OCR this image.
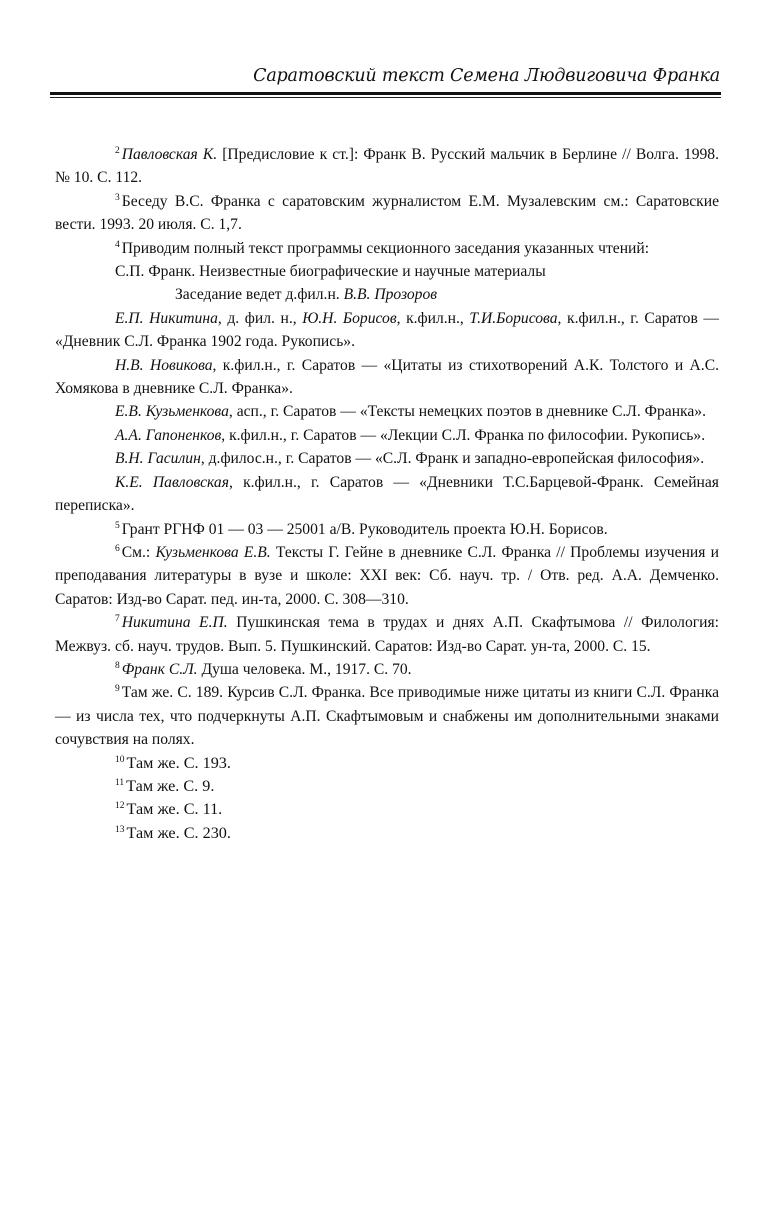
Саратовский текст Семена Людвиговича Франка

$^2$ Павловская К. [Предисловие к ст.]: Франк В. Русский мальчик в Берлине // Волга. 1998. № 10. С. 112.

$^3$ Беседу В.С. Франка с саратовским журналистом Е.М. Музалевским см.: Саратовские вести. 1993. 20 июля. С. 1,7.

$^4$ Приводим полный текст программы секционного заседания указанных чтений:

С.П. Франк. Неизвестные биографические и научные материалы

Заседание ведет д.фил.н. В.В. Прозоров

Е.П. Никитина, д. фил. н., Ю.Н. Борисов, к.фил.н., Т.И.Борисова, к.фил.н., г. Саратов — «Дневник С.Л. Франка 1902 года. Рукопись».

Н.В. Новикова, к.фил.н., г. Саратов — «Цитаты из стихотворений А.К. Толстого и А.С. Хомякова в дневнике С.Л. Франка».

Е.В. Кузьменкова, асп., г. Саратов — «Тексты немецких поэтов в дневнике С.Л. Франка».

А.А. Гапоненков, к.фил.н., г. Саратов — «Лекции С.Л. Франка по философии. Рукопись».

В.Н. Гасилин, д.филос.н., г. Саратов — «С.Л. Франк и западно-европейская философия».

К.Е. Павловская, к.фил.н., г. Саратов — «Дневники Т.С.Барцевой-Франк. Семейная переписка».

$^5$ Грант РГНФ 01 — 03 — 25001 а/В. Руководитель проекта Ю.Н. Борисов.

$^6$ См.: Кузьменкова Е.В. Тексты Г. Гейне в дневнике С.Л. Франка // Проблемы изучения и преподавания литературы в вузе и школе: XXI век: Сб. науч. тр. / Отв. ред. А.А. Демченко. Саратов: Изд-во Сарат. пед. ин-та, 2000. С. 308—310.

$^7$ Никитина Е.П. Пушкинская тема в трудах и днях А.П. Скафтымова // Филология: Межвуз. сб. науч. трудов. Вып. 5. Пушкинский. Саратов: Изд-во Сарат. ун-та, 2000. С. 15.

$^8$ Франк С.Л. Душа человека. М., 1917. С. 70.

$^9$ Там же. С. 189. Курсив С.Л. Франка. Все приводимые ниже цитаты из книги С.Л. Франка — из числа тех, что подчеркнуты А.П. Скафтымовым и снабжены им дополнительными знаками сочувствия на полях.

$^{10}$ Там же. С. 193.

$^{11}$ Там же. С. 9.

$^{12}$ Там же. С. 11.

$^{13}$ Там же. С. 230.
